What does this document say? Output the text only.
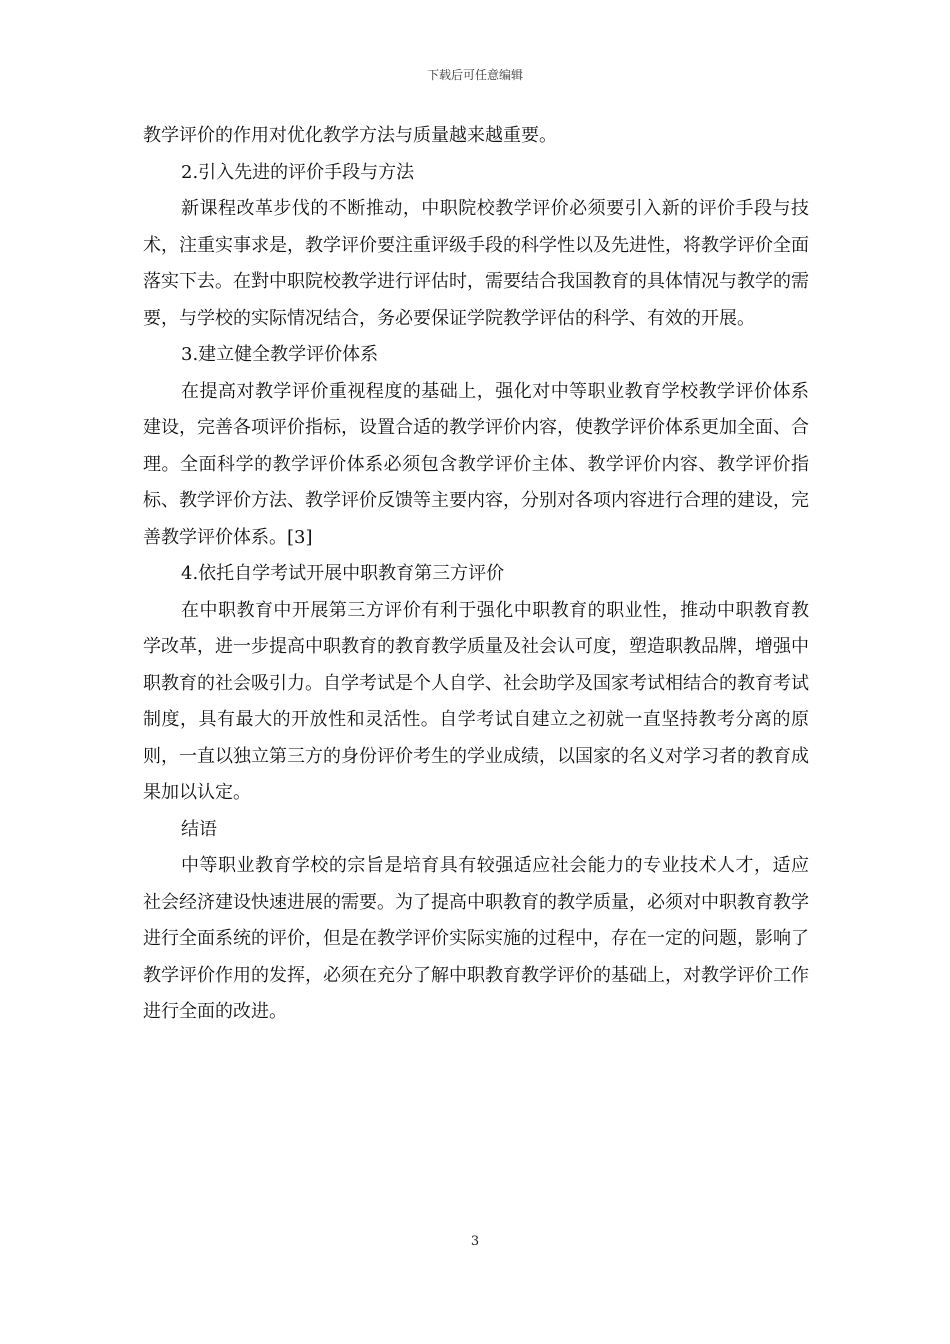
下载后可任意编辑

教学评价的作用对优化教学方法与质量越来越重要。

2.引入先进的评价手段与方法

新课程改革步伐的不断推动，中职院校教学评价必须要引入新的评价手段与技术，注重实事求是，教学评价要注重评级手段的科学性以及先进性，将教学评价全面落实下去。在對中职院校教学进行评估时，需要结合我国教育的具体情况与教学的需要，与学校的实际情况结合，务必要保证学院教学评估的科学、有效的开展。

3.建立健全教学评价体系

在提高对教学评价重视程度的基础上，强化对中等职业教育学校教学评价体系建设，完善各项评价指标，设置合适的教学评价内容，使教学评价体系更加全面、合理。全面科学的教学评价体系必须包含教学评价主体、教学评价内容、教学评价指标、教学评价方法、教学评价反馈等主要内容，分别对各项内容进行合理的建设，完善教学评价体系。[3]

4.依托自学考试开展中职教育第三方评价

在中职教育中开展第三方评价有利于强化中职教育的职业性，推动中职教育教学改革，进一步提高中职教育的教育教学质量及社会认可度，塑造职教品牌，增强中职教育的社会吸引力。自学考试是个人自学、社会助学及国家考试相结合的教育考试制度，具有最大的开放性和灵活性。自学考试自建立之初就一直坚持教考分离的原则，一直以独立第三方的身份评价考生的学业成绩，以国家的名义对学习者的教育成果加以认定。

结语

中等职业教育学校的宗旨是培育具有较强适应社会能力的专业技术人才，适应社会经济建设快速进展的需要。为了提高中职教育的教学质量，必须对中职教育教学进行全面系统的评价，但是在教学评价实际实施的过程中，存在一定的问题，影响了教学评价作用的发挥，必须在充分了解中职教育教学评价的基础上，对教学评价工作进行全面的改进。

3
